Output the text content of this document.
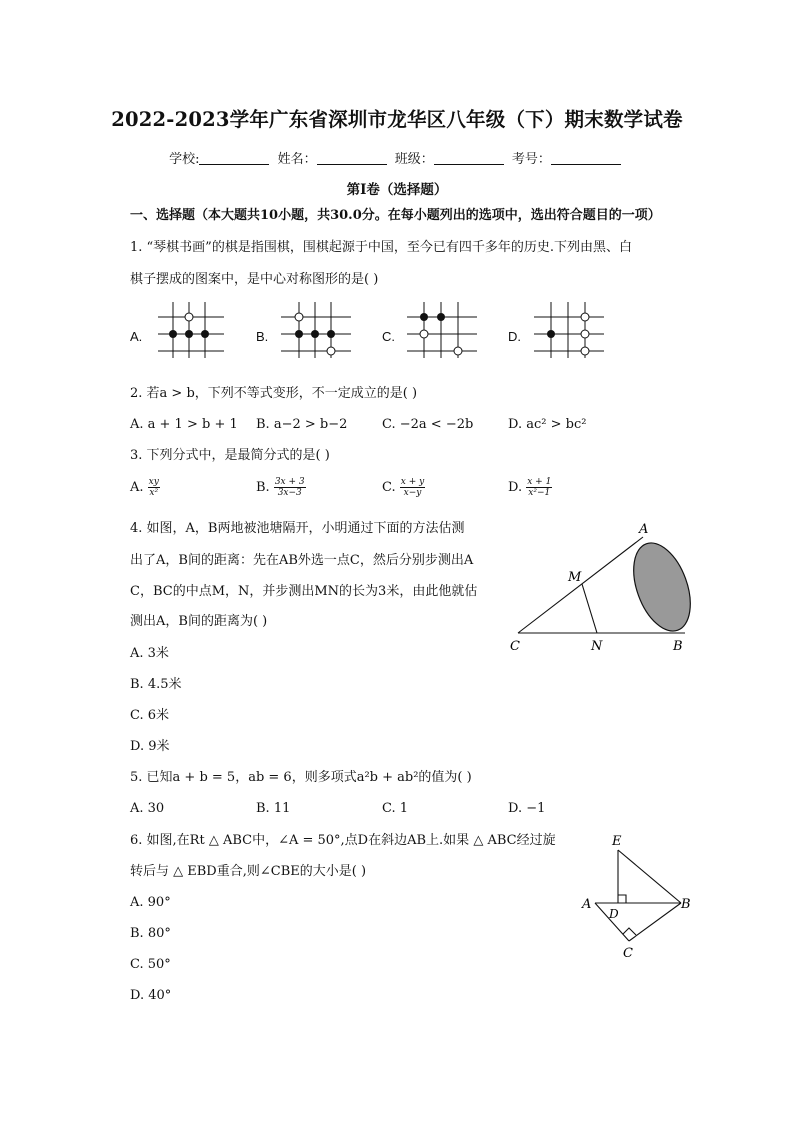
2022-2023学年广东省深圳市龙华区八年级（下）期末数学试卷
学校:	姓名：	班级：	考号：
第Ⅰ卷（选择题）
一、选择题（本大题共10小题，共30.0分。在每小题列出的选项中，选出符合题目的一项）
1. “琴棋书画”的棋是指围棋，围棋起源于中国，至今已有四千多年的历史.下列由黑、白
棋子摆成的图案中，是中心对称图形的是( )
A.	B.	C.	D.
2. 若a > b，下列不等式变形，不一定成立的是( )
A. a + 1 > b + 1 B. a−2 > b−2	C. −2a < −2b	D. ac² > bc²
3. 下列分式中，是最简分式的是( )
A. $\frac{xy}{\text{x²}}$	B. $\frac{3x + 3}{3x-3}$	C. $\frac{x + y}{x-y}$	D. $\frac{x + 1}{\text{x²−1}}$
4. 如图，A，B两地被池塘隔开，小明通过下面的方法估测
出了A，B间的距离：先在AB外选一点C，然后分别步测出A
C，BC的中点M，N，并步测出MN的长为3米，由此他就估
测出A，B间的距离为( )
A. 3米
B. 4.5米
C. 6米
D. 9米
A
M
C	N	B
5. 已知a + b = 5，ab = 6，则多项式a²b + ab²的值为( )
A. 30	B. 11	C. 1	D. −1
6. 如图,在Rt △ ABC中，∠A = 50°,点D在斜边AB上.如果 △ ABC经过旋
转后与 △ EBD重合,则∠CBE的大小是( )
A. 90°
B. 80°
C. 50°
D. 40°
E
A
D
B
C
